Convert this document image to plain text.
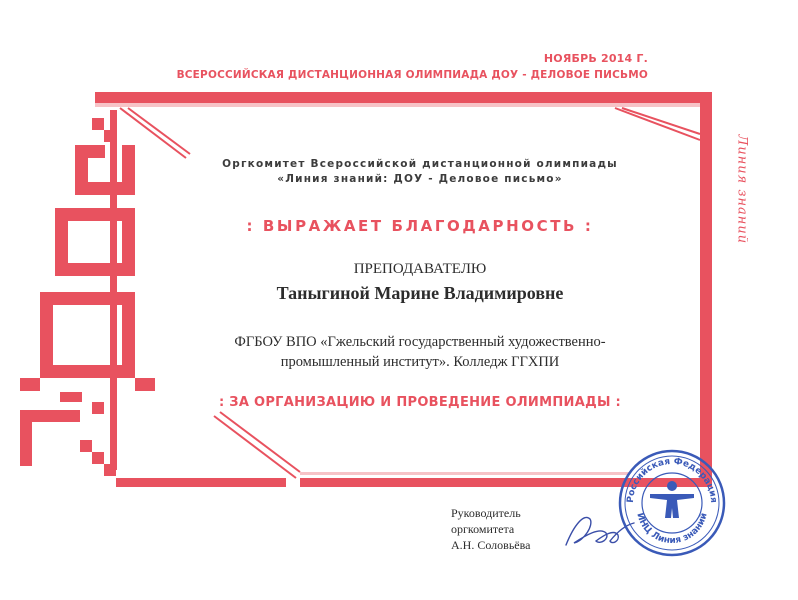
НОЯБРЬ 2014 Г.
ВСЕРОССИЙСКАЯ ДИСТАНЦИОННАЯ ОЛИМПИАДА ДОУ - ДЕЛОВОЕ ПИСЬМО
Линия знаний
Оргкомитет Всероссийской дистанционной олимпиады
«Линия знаний: ДОУ - Деловое письмо»
: ВЫРАЖАЕТ БЛАГОДАРНОСТЬ :
ПРЕПОДАВАТЕЛЮ
Таныгиной Марине Владимировне
ФГБОУ ВПО «Гжельский государственный художественно-
промышленный институт». Колледж ГГХПИ
: ЗА ОРГАНИЗАЦИЮ И ПРОВЕДЕНИЕ ОЛИМПИАДЫ :
Руководитель
оргкомитета
А.Н. Соловьёва
Российская Федерация
ИНЦ Линия знаний
